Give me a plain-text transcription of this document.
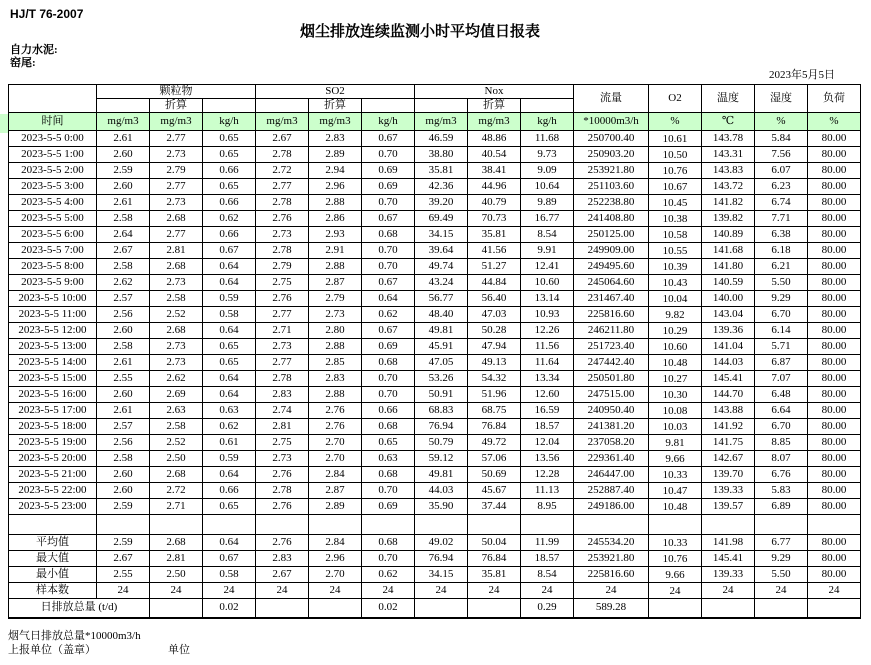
HJ/T 76-2007
烟尘排放连续监测小时平均值日报表
自力水泥:
窑尾:
2023年5月5日
	颗粒物			SO2			Nox			流量	O2	温度	湿度	负荷
		折算			折算			折算						
时间	mg/m3	mg/m3	kg/h	mg/m3	mg/m3	kg/h	mg/m3	mg/m3	kg/h	*10000m3/h	%	℃	%	%
2023-5-5 0:00	2.61	2.77	0.65	2.67	2.83	0.67	46.59	48.86	11.68	250700.40	10.61	143.78	5.84	80.00
2023-5-5 1:00	2.60	2.73	0.65	2.78	2.89	0.70	38.80	40.54	9.73	250903.20	10.50	143.31	7.56	80.00
2023-5-5 2:00	2.59	2.79	0.66	2.72	2.94	0.69	35.81	38.41	9.09	253921.80	10.76	143.83	6.07	80.00
2023-5-5 3:00	2.60	2.77	0.65	2.77	2.96	0.69	42.36	44.96	10.64	251103.60	10.67	143.72	6.23	80.00
2023-5-5 4:00	2.61	2.73	0.66	2.78	2.88	0.70	39.20	40.79	9.89	252238.80	10.45	141.82	6.74	80.00
2023-5-5 5:00	2.58	2.68	0.62	2.76	2.86	0.67	69.49	70.73	16.77	241408.80	10.38	139.82	7.71	80.00
2023-5-5 6:00	2.64	2.77	0.66	2.73	2.93	0.68	34.15	35.81	8.54	250125.00	10.58	140.89	6.38	80.00
2023-5-5 7:00	2.67	2.81	0.67	2.78	2.91	0.70	39.64	41.56	9.91	249909.00	10.55	141.68	6.18	80.00
2023-5-5 8:00	2.58	2.68	0.64	2.79	2.88	0.70	49.74	51.27	12.41	249495.60	10.39	141.80	6.21	80.00
2023-5-5 9:00	2.62	2.73	0.64	2.75	2.87	0.67	43.24	44.84	10.60	245064.60	10.43	140.59	5.50	80.00
2023-5-5 10:00	2.57	2.58	0.59	2.76	2.79	0.64	56.77	56.40	13.14	231467.40	10.04	140.00	9.29	80.00
2023-5-5 11:00	2.56	2.52	0.58	2.77	2.73	0.62	48.40	47.03	10.93	225816.60	9.82	143.04	6.70	80.00
2023-5-5 12:00	2.60	2.68	0.64	2.71	2.80	0.67	49.81	50.28	12.26	246211.80	10.29	139.36	6.14	80.00
2023-5-5 13:00	2.58	2.73	0.65	2.73	2.88	0.69	45.91	47.94	11.56	251723.40	10.60	141.04	5.71	80.00
2023-5-5 14:00	2.61	2.73	0.65	2.77	2.85	0.68	47.05	49.13	11.64	247442.40	10.48	144.03	6.87	80.00
2023-5-5 15:00	2.55	2.62	0.64	2.78	2.83	0.70	53.26	54.32	13.34	250501.80	10.27	145.41	7.07	80.00
2023-5-5 16:00	2.60	2.69	0.64	2.83	2.88	0.70	50.91	51.96	12.60	247515.00	10.30	144.70	6.48	80.00
2023-5-5 17:00	2.61	2.63	0.63	2.74	2.76	0.66	68.83	68.75	16.59	240950.40	10.08	143.88	6.64	80.00
2023-5-5 18:00	2.57	2.58	0.62	2.81	2.76	0.68	76.94	76.84	18.57	241381.20	10.03	141.92	6.70	80.00
2023-5-5 19:00	2.56	2.52	0.61	2.75	2.70	0.65	50.79	49.72	12.04	237058.20	9.81	141.75	8.85	80.00
2023-5-5 20:00	2.58	2.50	0.59	2.73	2.70	0.63	59.12	57.06	13.56	229361.40	9.66	142.67	8.07	80.00
2023-5-5 21:00	2.60	2.68	0.64	2.76	2.84	0.68	49.81	50.69	12.28	246447.00	10.33	139.70	6.76	80.00
2023-5-5 22:00	2.60	2.72	0.66	2.78	2.87	0.70	44.03	45.67	11.13	252887.40	10.47	139.33	5.83	80.00
2023-5-5 23:00	2.59	2.71	0.65	2.76	2.89	0.69	35.90	37.44	8.95	249186.00	10.48	139.57	6.89	80.00

平均值	2.59	2.68	0.64	2.76	2.84	0.68	49.02	50.04	11.99	245534.20	10.33	141.98	6.77	80.00
最大值	2.67	2.81	0.67	2.83	2.96	0.70	76.94	76.84	18.57	253921.80	10.76	145.41	9.29	80.00
最小值	2.55	2.50	0.58	2.67	2.70	0.62	34.15	35.81	8.54	225816.60	9.66	139.33	5.50	80.00
样本数	24	24	24	24	24	24	24	24	24	24	24	24	24	24
日排放总量 (t/d)			0.02			0.02			0.29	589.28				
烟气日排放总量*10000m3/h
上报单位（盖章）	单位
